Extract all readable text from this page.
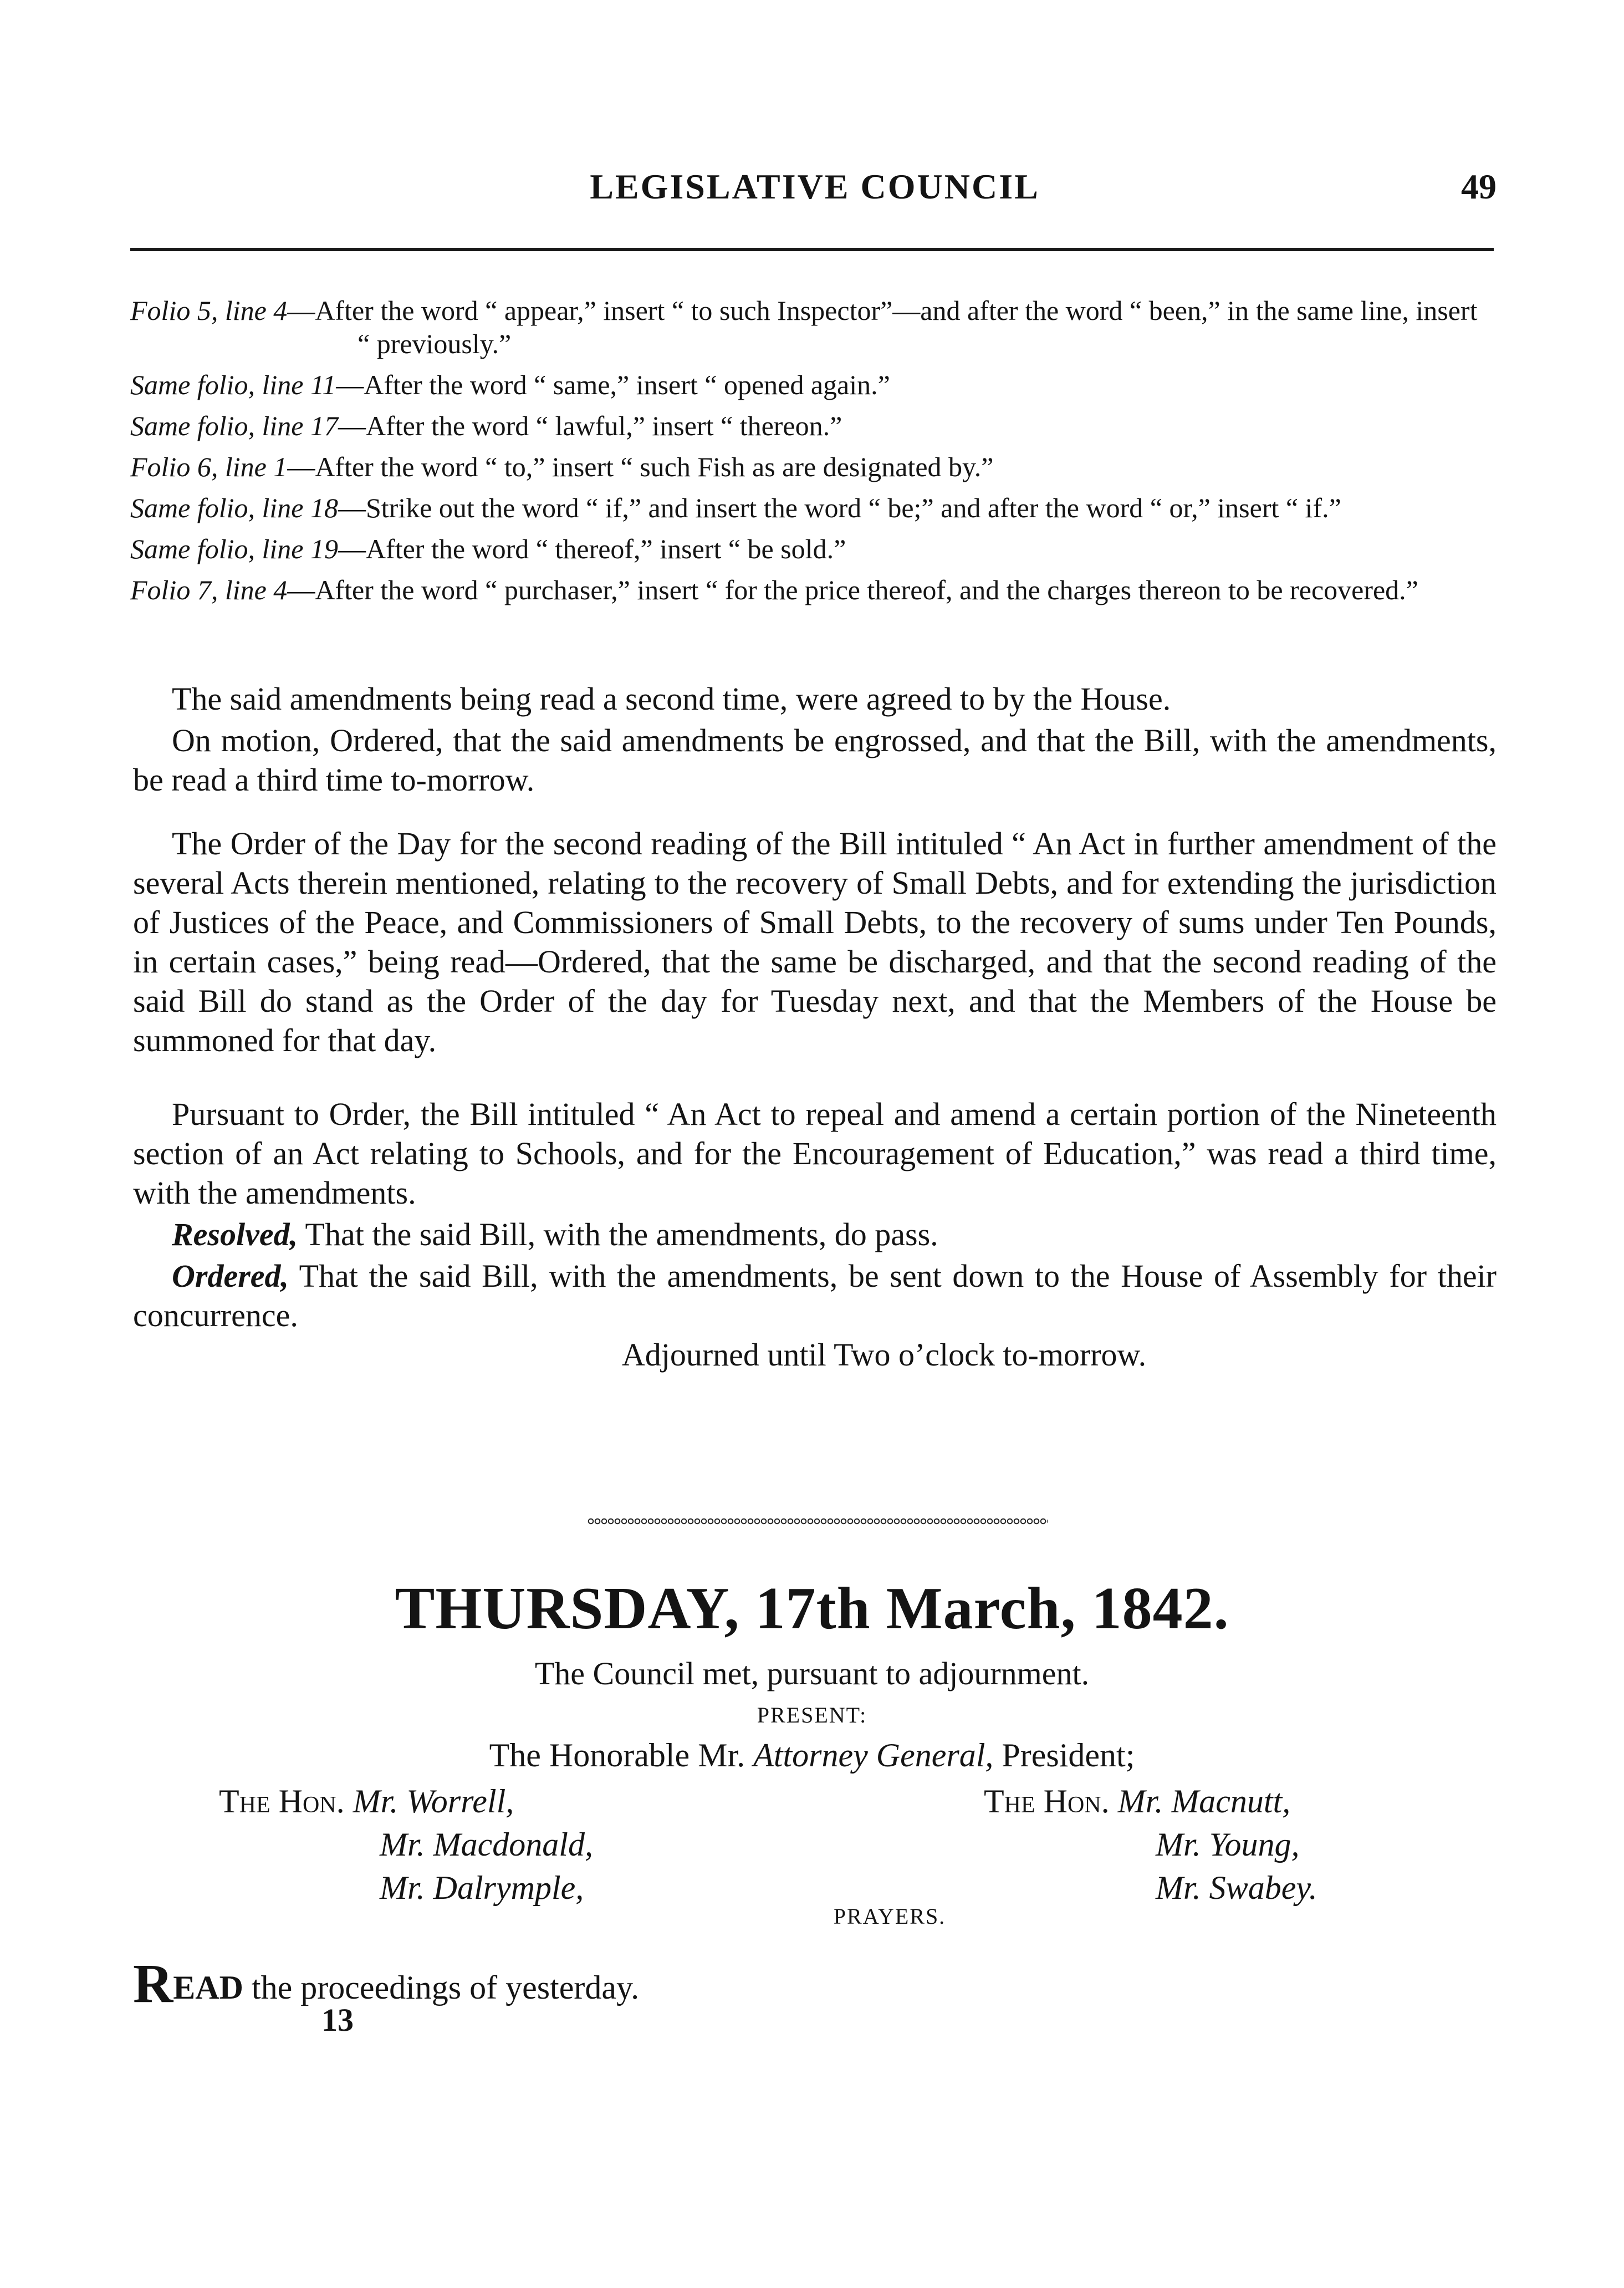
LEGISLATIVE COUNCIL	49

Folio 5, line 4—After the word “ appear,” insert “ to such Inspector”—and after the word “ been,” in the same line, insert “ previously.”

Same folio, line 11—After the word “ same,” insert “ opened again.”

Same folio, line 17—After the word “ lawful,” insert “ thereon.”

Folio 6, line 1—After the word “ to,” insert “ such Fish as are designated by.”

Same folio, line 18—Strike out the word “ if,” and insert the word “ be;” and after the word “ or,” insert “ if.”

Same folio, line 19—After the word “ thereof,” insert “ be sold.”

Folio 7, line 4—After the word “ purchaser,” insert “ for the price thereof, and the charges thereon to be recovered.”

The said amendments being read a second time, were agreed to by the House.

On motion, Ordered, that the said amendments be engrossed, and that the Bill, with the amendments, be read a third time to-morrow.

The Order of the Day for the second reading of the Bill intituled “ An Act in further amendment of the several Acts therein mentioned, relating to the recovery of Small Debts, and for extending the jurisdiction of Justices of the Peace, and Commissioners of Small Debts, to the recovery of sums under Ten Pounds, in certain cases,” being read—Ordered, that the same be discharged, and that the second reading of the said Bill do stand as the Order of the day for Tuesday next, and that the Members of the House be summoned for that day.

Pursuant to Order, the Bill intituled “ An Act to repeal and amend a certain portion of the Nineteenth section of an Act relating to Schools, and for the Encouragement of Education,” was read a third time, with the amendments.

Resolved, That the said Bill, with the amendments, do pass.

Ordered, That the said Bill, with the amendments, be sent down to the House of Assembly for their concurrence.

Adjourned until Two o’clock to-morrow.

THURSDAY, 17th March, 1842.
The Council met, pursuant to adjournment.
PRESENT:
The Honorable Mr. Attorney General, President;
The Hon. Mr. Worrell,
Mr. Macdonald,
Mr. Dalrymple,
The Hon. Mr. Macnutt,
Mr. Young,
Mr. Swabey.
PRAYERS.
READ the proceedings of yesterday.
13
